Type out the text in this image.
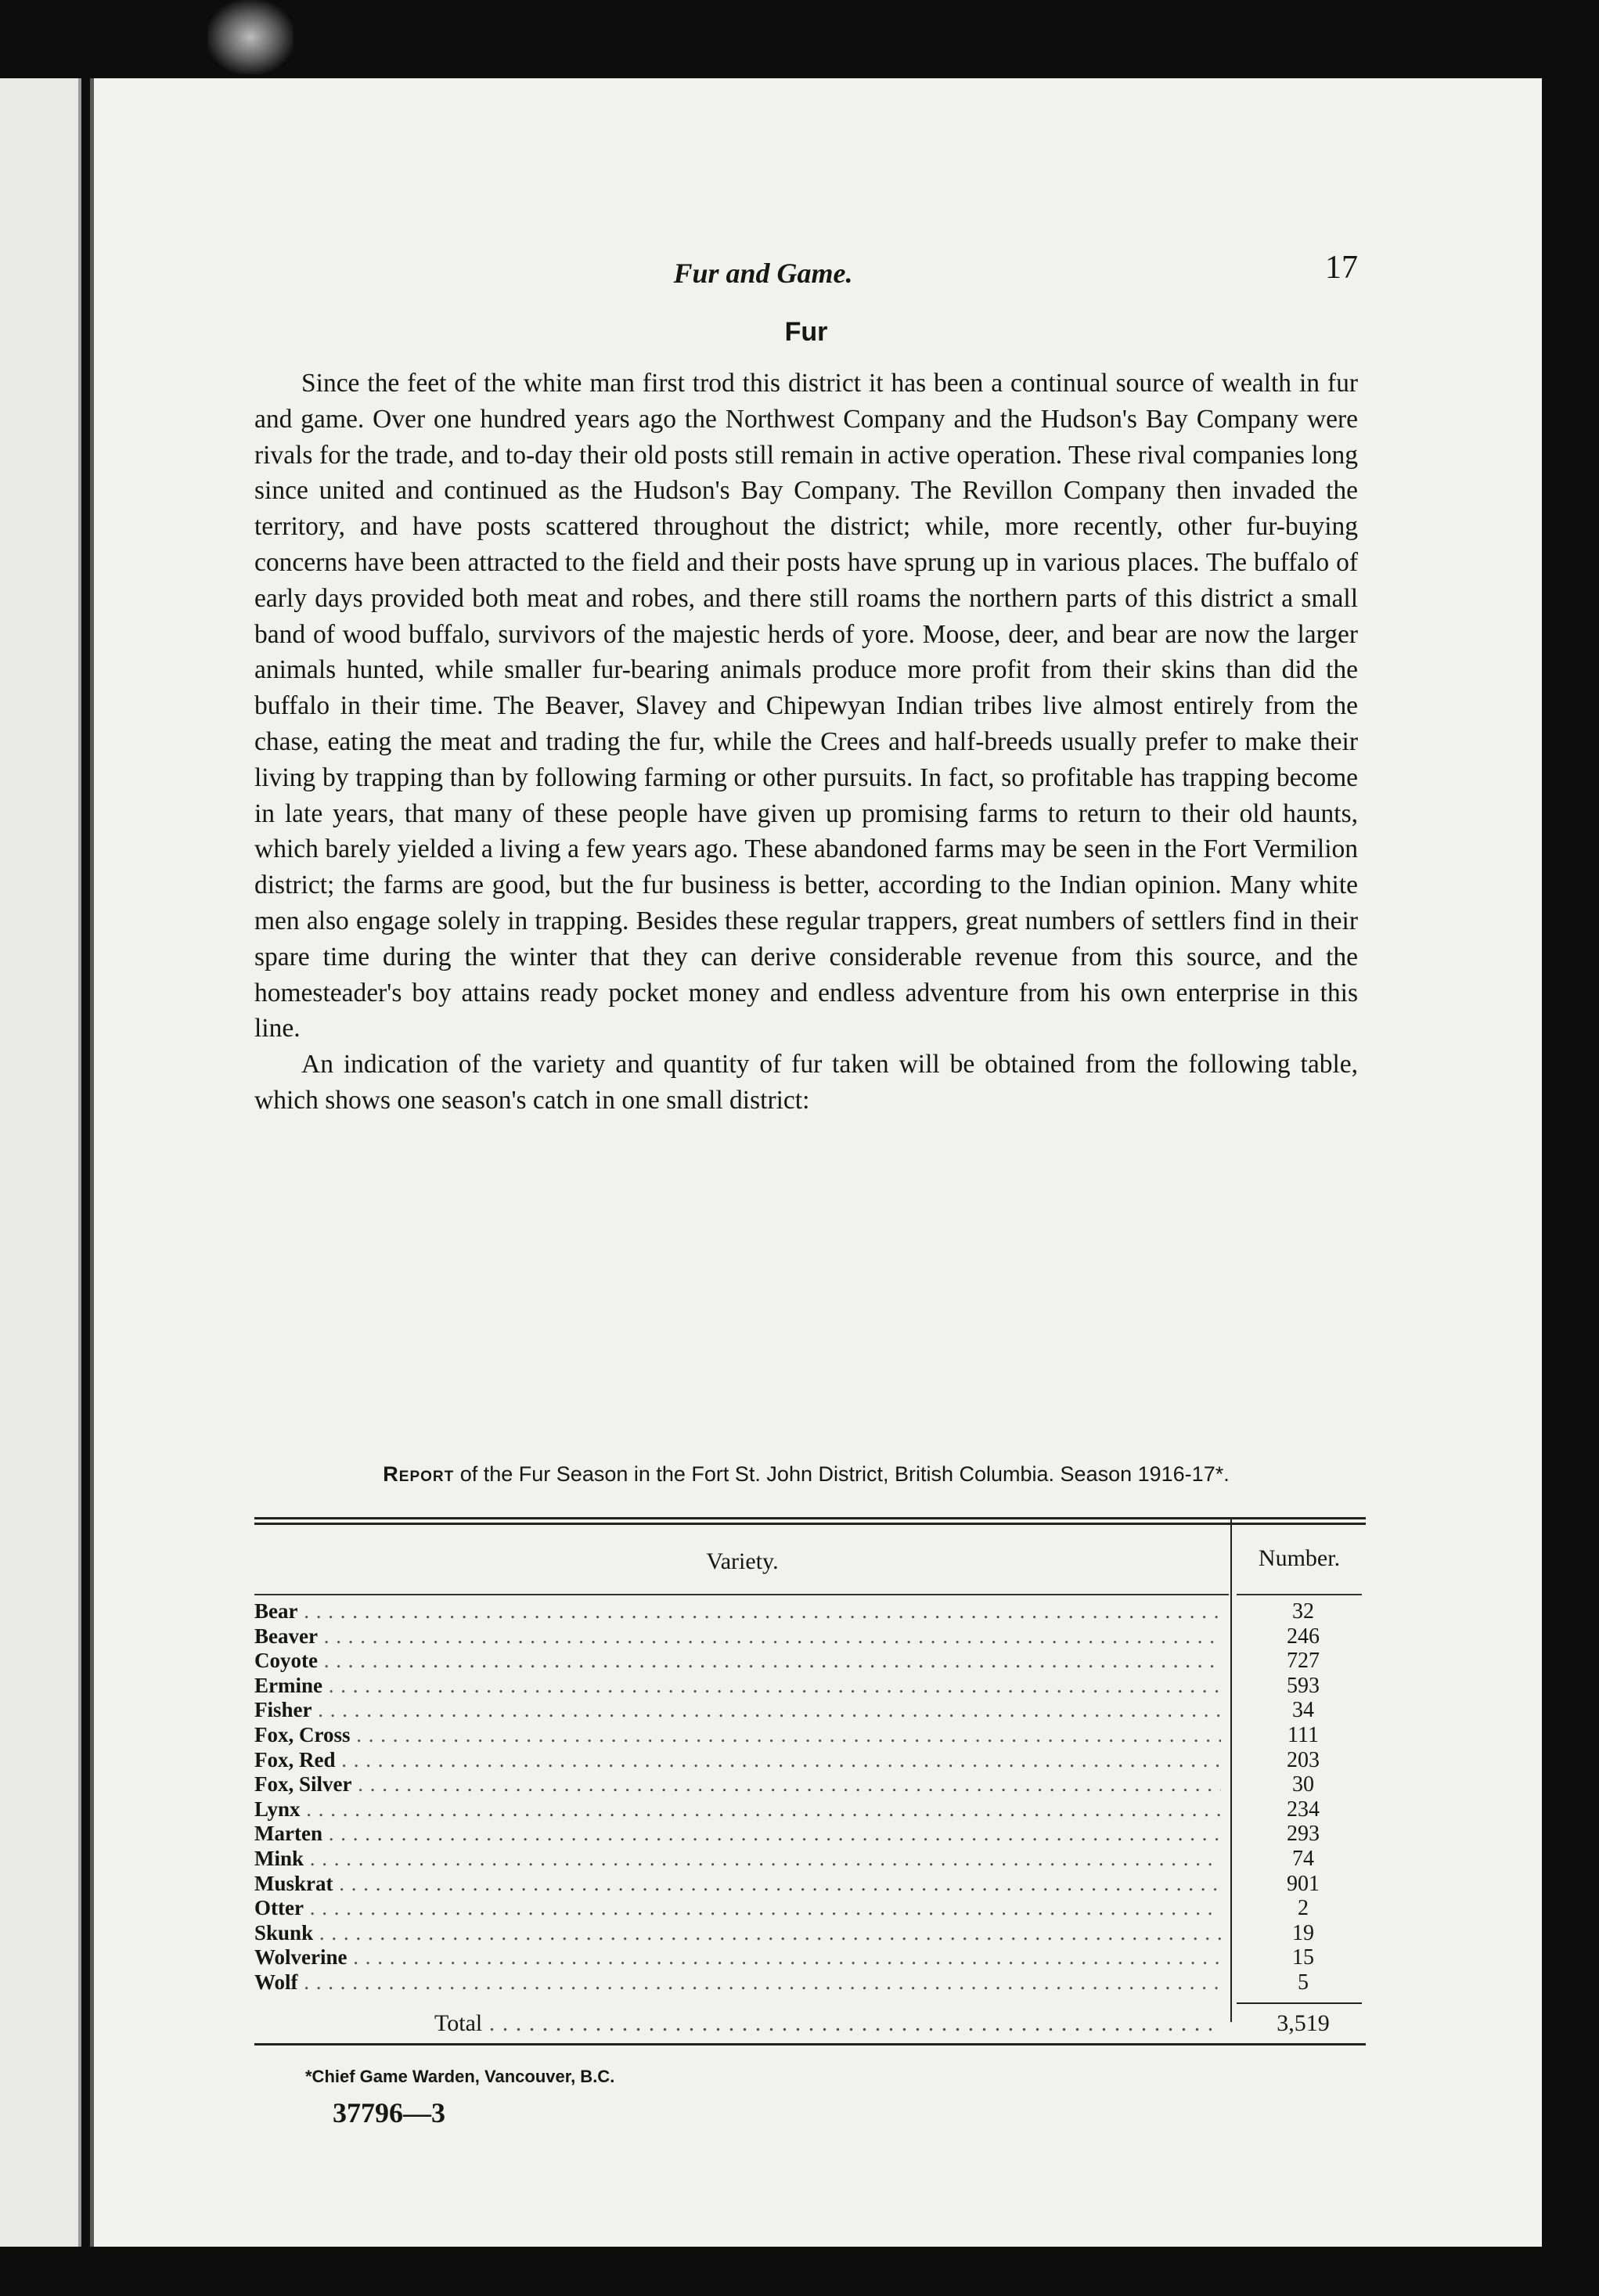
Fur and Game.	17
Fur

Since the feet of the white man first trod this district it has been a continual source of wealth in fur and game. Over one hundred years ago the Northwest Company and the Hudson's Bay Company were rivals for the trade, and to-day their old posts still remain in active operation. These rival companies long since united and continued as the Hudson's Bay Company. The Revillon Company then invaded the territory, and have posts scattered throughout the district; while, more recently, other fur-buying concerns have been attracted to the field and their posts have sprung up in various places. The buffalo of early days provided both meat and robes, and there still roams the northern parts of this district a small band of wood buffalo, survivors of the majestic herds of yore. Moose, deer, and bear are now the larger animals hunted, while smaller fur-bearing animals produce more profit from their skins than did the buffalo in their time. The Beaver, Slavey and Chipewyan Indian tribes live almost entirely from the chase, eating the meat and trading the fur, while the Crees and half-breeds usually prefer to make their living by trapping than by following farming or other pursuits. In fact, so profitable has trapping become in late years, that many of these people have given up promising farms to return to their old haunts, which barely yielded a living a few years ago. These abandoned farms may be seen in the Fort Vermilion district; the farms are good, but the fur business is better, according to the Indian opinion. Many white men also engage solely in trapping. Besides these regular trappers, great numbers of settlers find in their spare time during the winter that they can derive considerable revenue from this source, and the homesteader's boy attains ready pocket money and endless adventure from his own enterprise in this line.

An indication of the variety and quantity of fur taken will be obtained from the following table, which shows one season's catch in one small district:

Report of the Fur Season in the Fort St. John District, British Columbia. Season 1916-17*.
Variety.	Number.
Bear . . .	32
Beaver . . .	246
Coyote . . .	727
Ermine . . .	593
Fisher . . .	34
Fox, Cross . . .	111
Fox, Red . . .	203
Fox, Silver . . .	30
Lynx . . .	234
Marten . . .	293
Mink . . .	74
Muskrat . . .	901
Otter . . .	2
Skunk . . .	19
Wolverine . . .	15
Wolf . . .	5
Total . . .	3,519
*Chief Game Warden, Vancouver, B.C.
37796—3
